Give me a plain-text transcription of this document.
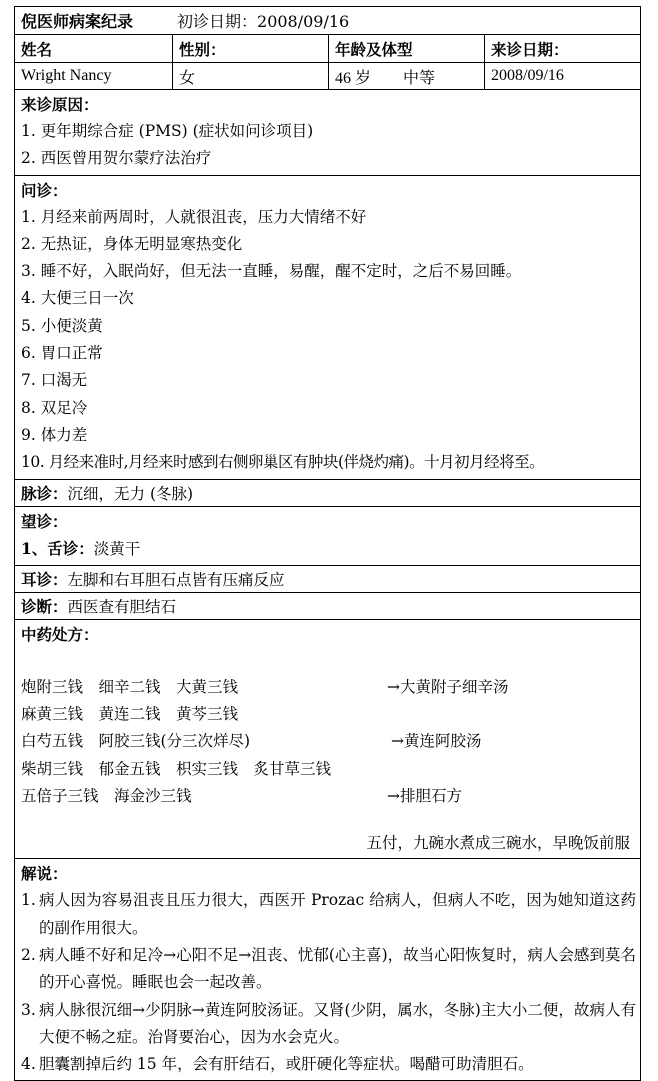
倪医师病案纪录	初诊日期：2008/09/16
姓名	性别：	年龄及体型	来诊日期：
Wright Nancy	女	46 岁　　中等	2008/09/16
来诊原因：
1. 更年期综合症 (PMS) (症状如问诊项目)
2. 西医曾用贺尔蒙疗法治疗
问诊：
1. 月经来前两周时，人就很沮丧，压力大情绪不好
2. 无热证，身体无明显寒热变化
3. 睡不好，入眠尚好，但无法一直睡，易醒，醒不定时，之后不易回睡。
4. 大便三日一次
5. 小便淡黄
6. 胃口正常
7. 口渴无
8. 双足冷
9. 体力差
10. 月经来准时,月经来时感到右侧卵巢区有肿块(伴烧灼痛)。十月初月经将至。
脉诊： 沉细，无力 (冬脉)
望诊：
1、舌诊：淡黄干
耳诊： 左脚和右耳胆石点皆有压痛反应
诊断： 西医查有胆结石
中药处方：
炮附三钱　细辛二钱　大黄三钱	→大黄附子细辛汤
麻黄三钱　黄连二钱　黄芩三钱
白芍五钱　阿胶三钱(分三次烊尽)	→黄连阿胶汤
柴胡三钱　郁金五钱　枳实三钱　炙甘草三钱
五倍子三钱　海金沙三钱	→排胆石方
五付，九碗水煮成三碗水，早晚饭前服
解说：
1. 病人因为容易沮丧且压力很大，西医开 Prozac 给病人，但病人不吃，因为她知道这药的副作用很大。
2. 病人睡不好和足冷→心阳不足→沮丧、忧郁(心主喜)，故当心阳恢复时，病人会感到莫名的开心喜悦。睡眠也会一起改善。
3. 病人脉很沉细→少阴脉→黄连阿胶汤证。又肾(少阴，属水，冬脉)主大小二便，故病人有大便不畅之症。治肾要治心，因为水会克火。
4. 胆囊割掉后约 15 年，会有肝结石，或肝硬化等症状。喝醋可助清胆石。
